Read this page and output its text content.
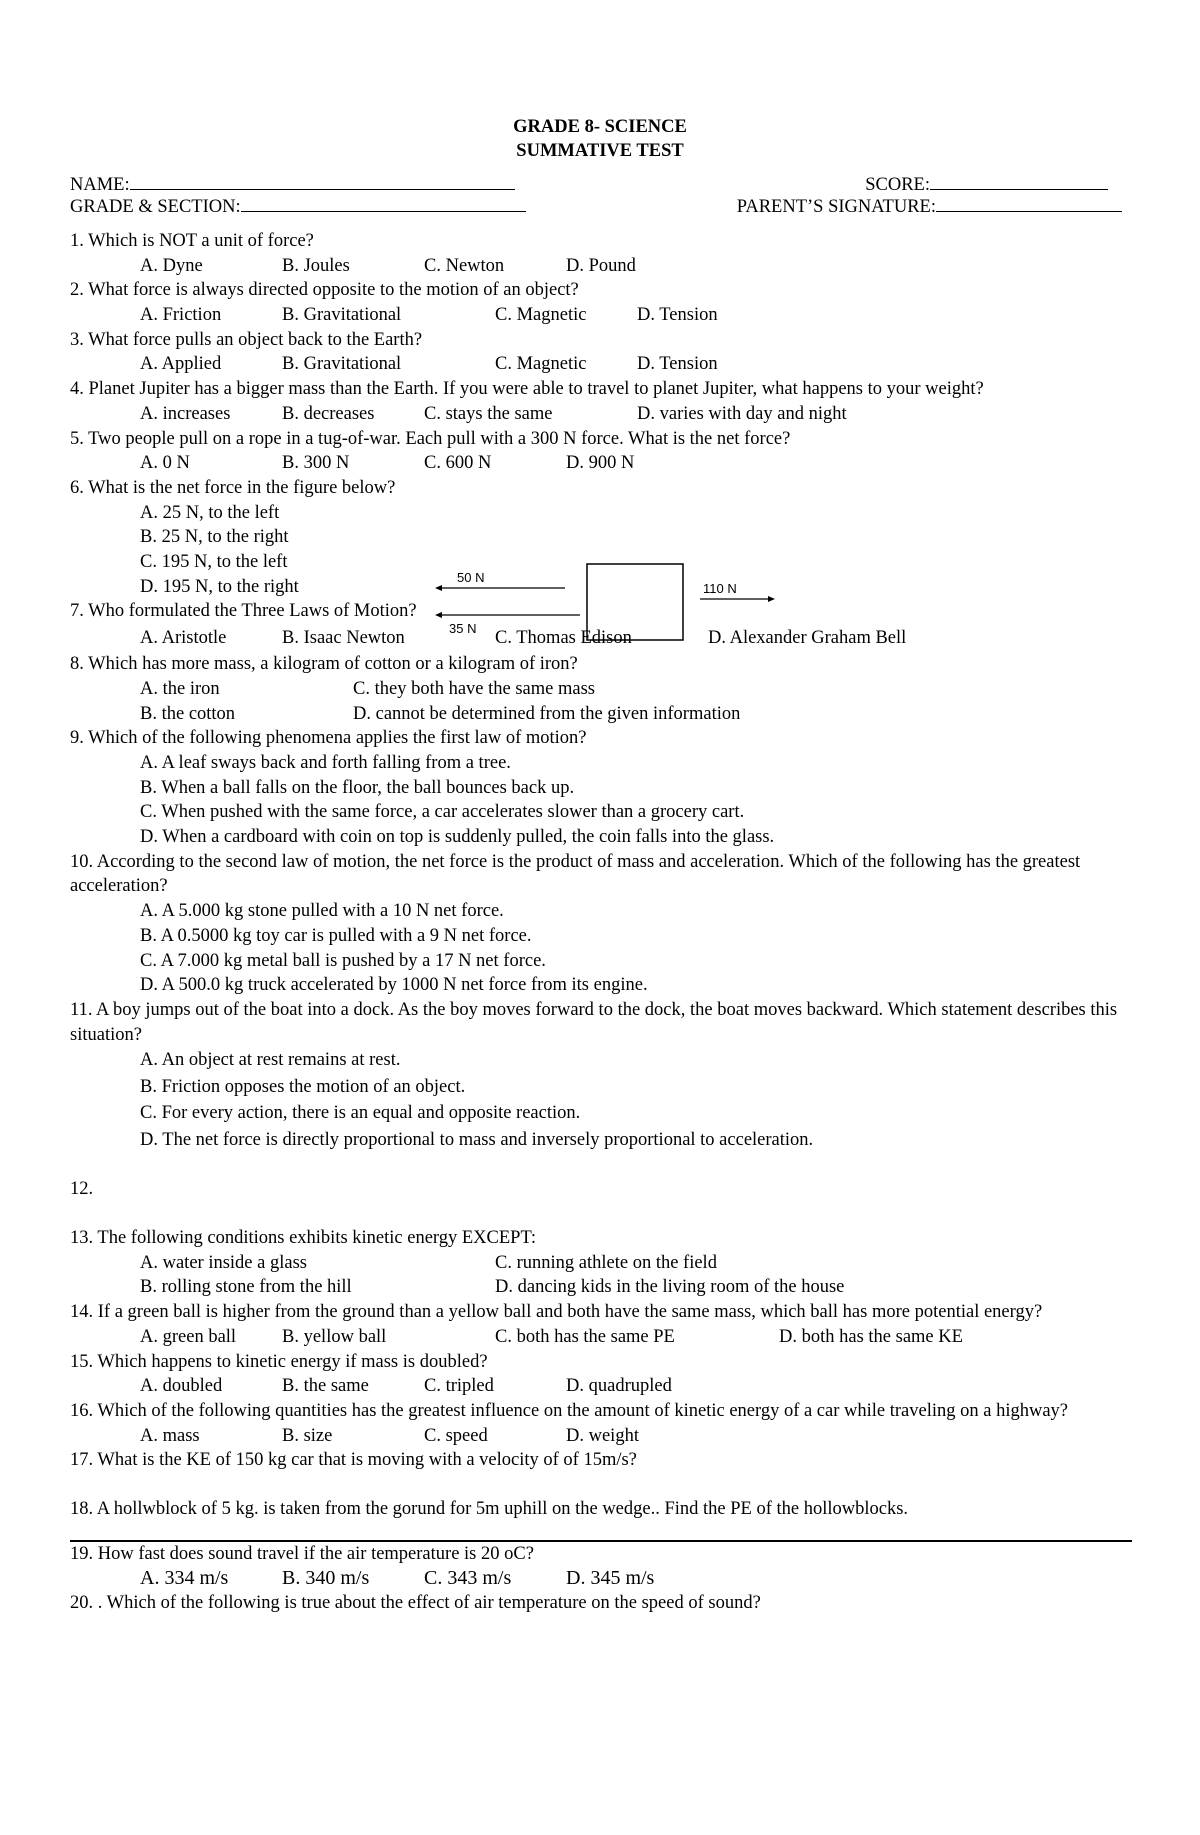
GRADE 8- SCIENCE
SUMMATIVE TEST
NAME:	SCORE:
GRADE & SECTION:	PARENT’S SIGNATURE:
1. Which is NOT a unit of force?
A. Dyne	B. Joules	C. Newton	D. Pound
2. What force is always directed opposite to the motion of an object?
A. Friction	B. Gravitational	C. Magnetic	D. Tension
3. What force pulls an object back to the Earth?
A. Applied	B. Gravitational	C. Magnetic	D. Tension
4. Planet Jupiter has a bigger mass than the Earth. If you were able to travel to planet Jupiter, what happens to your weight?
A. increases	B. decreases	C. stays the same	D. varies with day and night
5. Two people pull on a rope in a tug-of-war. Each pull with a 300 N force. What is the net force?
A. 0 N	B. 300 N	C. 600 N	D. 900 N
6. What is the net force in the figure below?
A. 25 N, to the left
B. 25 N, to the right
C. 195 N, to the left
D. 195 N, to the right
7. Who formulated the Three Laws of Motion?
A. Aristotle	B. Isaac Newton	C. Thomas Edison	D. Alexander Graham Bell
8. Which has more mass, a kilogram of cotton or a kilogram of iron?
A. the iron	C. they both have the same mass
B. the cotton	D. cannot be determined from the given information
9. Which of the following phenomena applies the first law of motion?
A. A leaf sways back and forth falling from a tree.
B. When a ball falls on the floor, the ball bounces back up.
C. When pushed with the same force, a car accelerates slower than a grocery cart.
D. When a cardboard with coin on top is suddenly pulled, the coin falls into the glass.
10. According to the second law of motion, the net force is the product of mass and acceleration. Which of the following has the greatest acceleration?
A. A 5.000 kg stone pulled with a 10 N net force.
B. A 0.5000 kg toy car is pulled with a 9 N net force.
C. A 7.000 kg metal ball is pushed by a 17 N net force.
D. A 500.0 kg truck accelerated by 1000 N net force from its engine.
11. A boy jumps out of the boat into a dock. As the boy moves forward to the dock, the boat moves backward. Which statement describes this situation?
A. An object at rest remains at rest.
B. Friction opposes the motion of an object.
C. For every action, there is an equal and opposite reaction.
D. The net force is directly proportional to mass and inversely proportional to acceleration.
12.
13. The following conditions exhibits kinetic energy EXCEPT:
A. water inside a glass	C. running athlete on the field
B. rolling stone from the hill	D. dancing kids in the living room of the house
14. If a green ball is higher from the ground than a yellow ball and both have the same mass, which ball has more potential energy?
A. green ball B. yellow ball	C. both has the same PE	D. both has the same KE
15. Which happens to kinetic energy if mass is doubled?
A. doubled	B. the same	C. tripled	D. quadrupled
16. Which of the following quantities has the greatest influence on the amount of kinetic energy of a car while traveling on a highway?
A. mass	B. size	C. speed	D. weight
17. What is the KE of 150 kg car that is moving with a velocity of of 15m/s?
18. A hollwblock of 5 kg. is taken from the gorund for 5m uphill on the wedge.. Find the PE of the hollowblocks.
19. How fast does sound travel if the air temperature is 20 oC?
A. 334 m/s	B. 340 m/s	C. 343 m/s	D. 345 m/s
20. . Which of the following is true about the effect of air temperature on the speed of sound?
50 N
35 N
110 N
